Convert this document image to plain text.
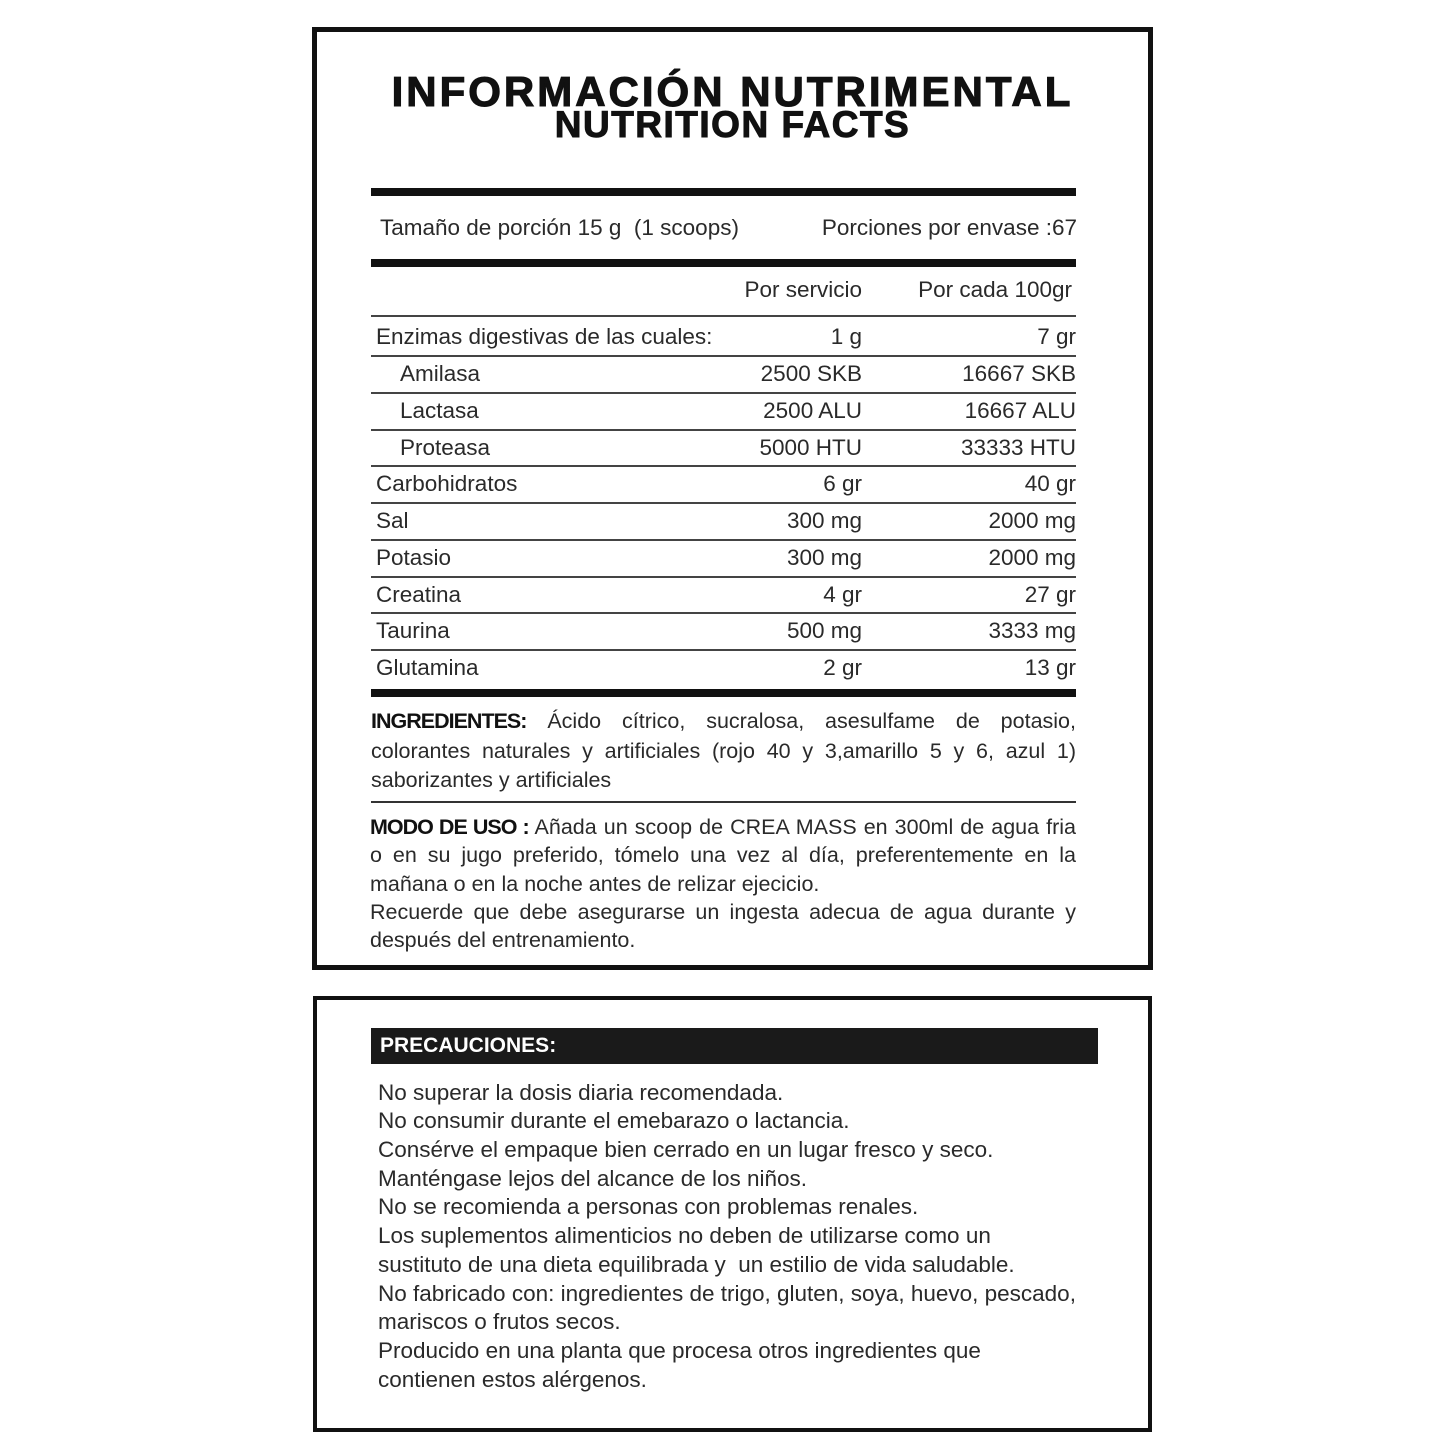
INFORMACIÓN NUTRIMENTAL
NUTRITION FACTS
Tamaño de porción 15 g  (1 scoops)	Porciones por envase :67
Por servicio	Por cada 100gr
Enzimas digestivas de las cuales:	1 g	7 gr
Amilasa	2500 SKB	16667 SKB
Lactasa	2500 ALU	16667 ALU
Proteasa	5000 HTU	33333 HTU
Carbohidratos	6 gr	40 gr
Sal	300 mg	2000 mg
Potasio	300 mg	2000 mg
Creatina	4 gr	27 gr
Taurina	500 mg	3333 mg
Glutamina	2 gr	13 gr
INGREDIENTES: Ácido cítrico, sucralosa, asesulfame de potasio,
colorantes naturales y artificiales (rojo 40 y 3,amarillo 5 y 6, azul 1)
saborizantes y artificiales
MODO DE USO : Añada un scoop de CREA MASS en 300ml de agua fria
o en su jugo preferido, tómelo una vez al día, preferentemente en la
mañana o en la noche antes de relizar ejecicio.
Recuerde que debe asegurarse un ingesta adecua de agua durante y
después del entrenamiento.
PRECAUCIONES:
No superar la dosis diaria recomendada.
No consumir durante el emebarazo o lactancia.
Consérve el empaque bien cerrado en un lugar fresco y seco.
Manténgase lejos del alcance de los niños.
No se recomienda a personas con problemas renales.
Los suplementos alimenticios no deben de utilizarse como un
sustituto de una dieta equilibrada y  un estilio de vida saludable.
No fabricado con: ingredientes de trigo, gluten, soya, huevo, pescado,
mariscos o frutos secos.
Producido en una planta que procesa otros ingredientes que
contienen estos alérgenos.
